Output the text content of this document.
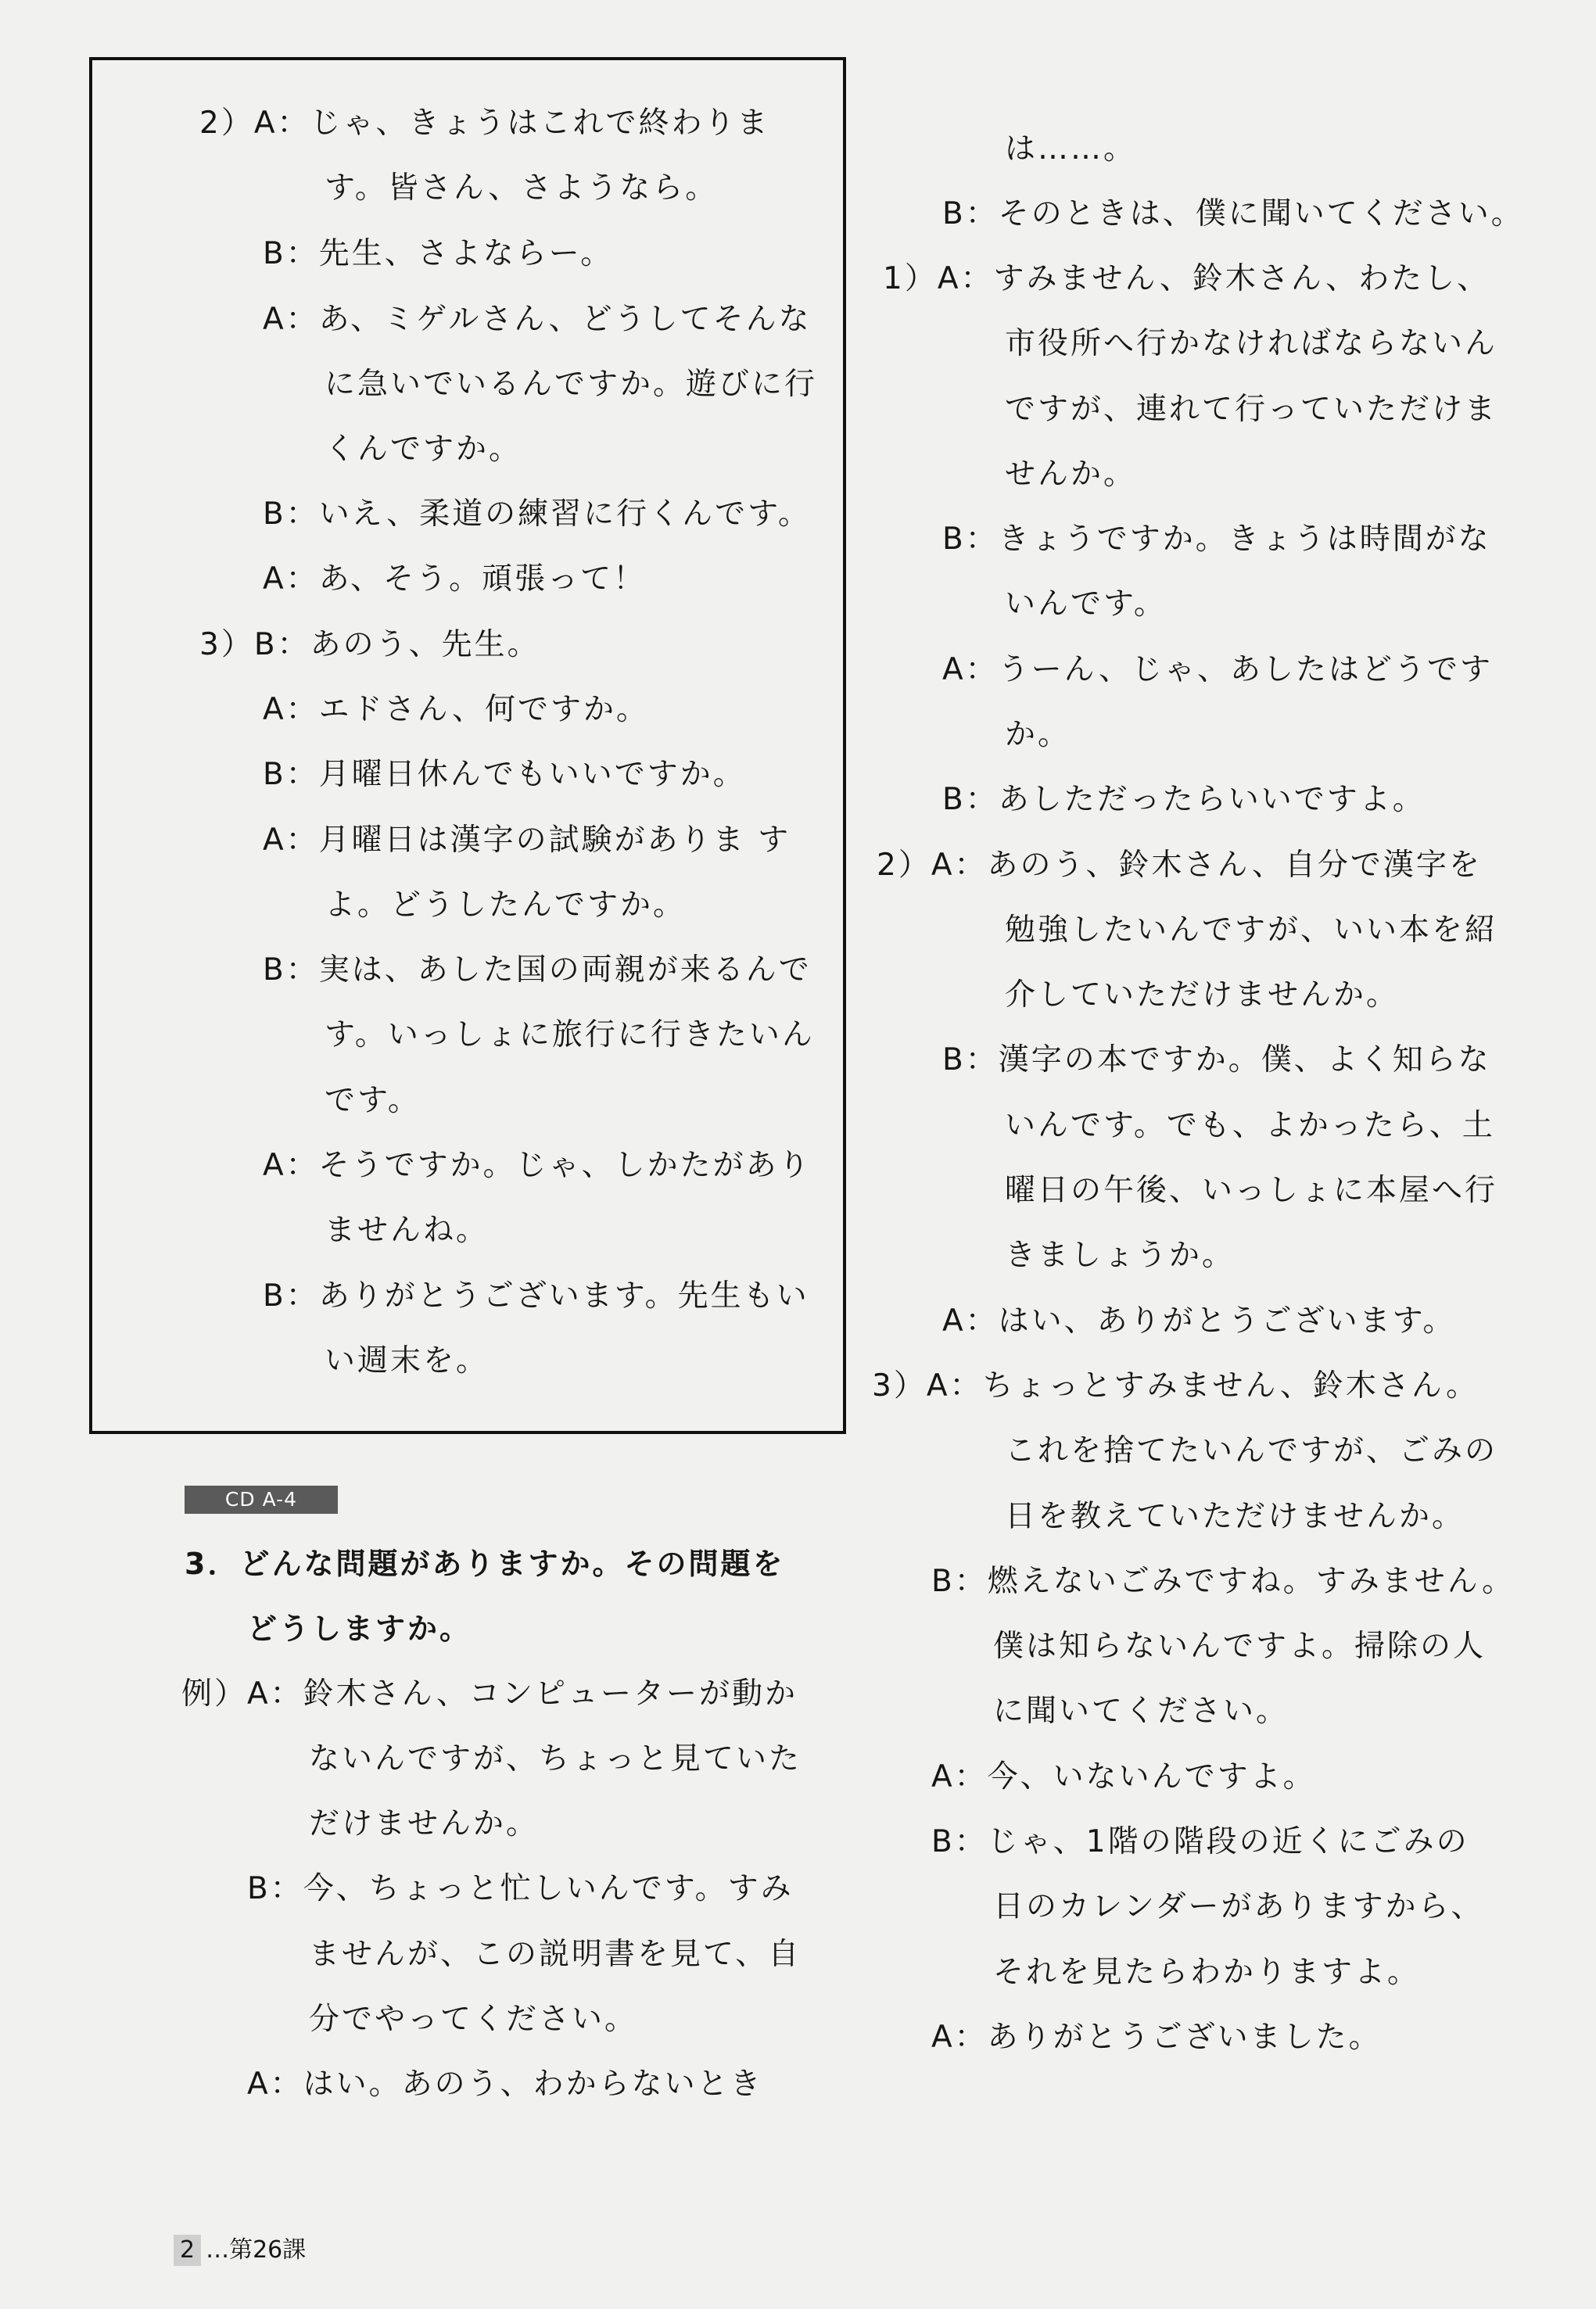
2）A：じゃ、きょうはこれで終わりま
す。皆さん、さようなら。
B：先生、さよならー。
A：あ、ミゲルさん、どうしてそんな
に急いでいるんですか。遊びに行
くんですか。
B：いえ、柔道の練習に行くんです。
A：あ、そう。頑張って！
3）B：あのう、先生。
A：エドさん、何ですか。
B：月曜日休んでもいいですか。
A：月曜日は漢字の試験がありま す
よ。どうしたんですか。
B：実は、あした国の両親が来るんで
す。いっしょに旅行に行きたいん
です。
A：そうですか。じゃ、しかたがあり
ませんね。
B：ありがとうございます。先生もい
い週末を。
3．どんな問題がありますか。その問題を
どうしますか。
例）A：鈴木さん、コンピューターが動か
ないんですが、ちょっと見ていた
だけませんか。
B：今、ちょっと忙しいんです。すみ
ませんが、この説明書を見て、自
分でやってください。
A：はい。あのう、わからないとき
CD A-4
は……。
B：そのときは、僕に聞いてください。
1）A：すみません、鈴木さん、わたし、
市役所へ行かなければならないん
ですが、連れて行っていただけま
せんか。
B：きょうですか。きょうは時間がな
いんです。
A：うーん、じゃ、あしたはどうです
か。
B：あしただったらいいですよ。
2）A：あのう、鈴木さん、自分で漢字を
勉強したいんですが、いい本を紹
介していただけませんか。
B：漢字の本ですか。僕、よく知らな
いんです。でも、よかったら、土
曜日の午後、いっしょに本屋へ行
きましょうか。
A：はい、ありがとうございます。
3）A：ちょっとすみません、鈴木さん。
これを捨てたいんですが、ごみの
日を教えていただけませんか。
B：燃えないごみですね。すみません。
僕は知らないんですよ。掃除の人
に聞いてください。
A：今、いないんですよ。
B：じゃ、1階の階段の近くにごみの
日のカレンダーがありますから、
それを見たらわかりますよ。
A：ありがとうございました。
2 …第26課
